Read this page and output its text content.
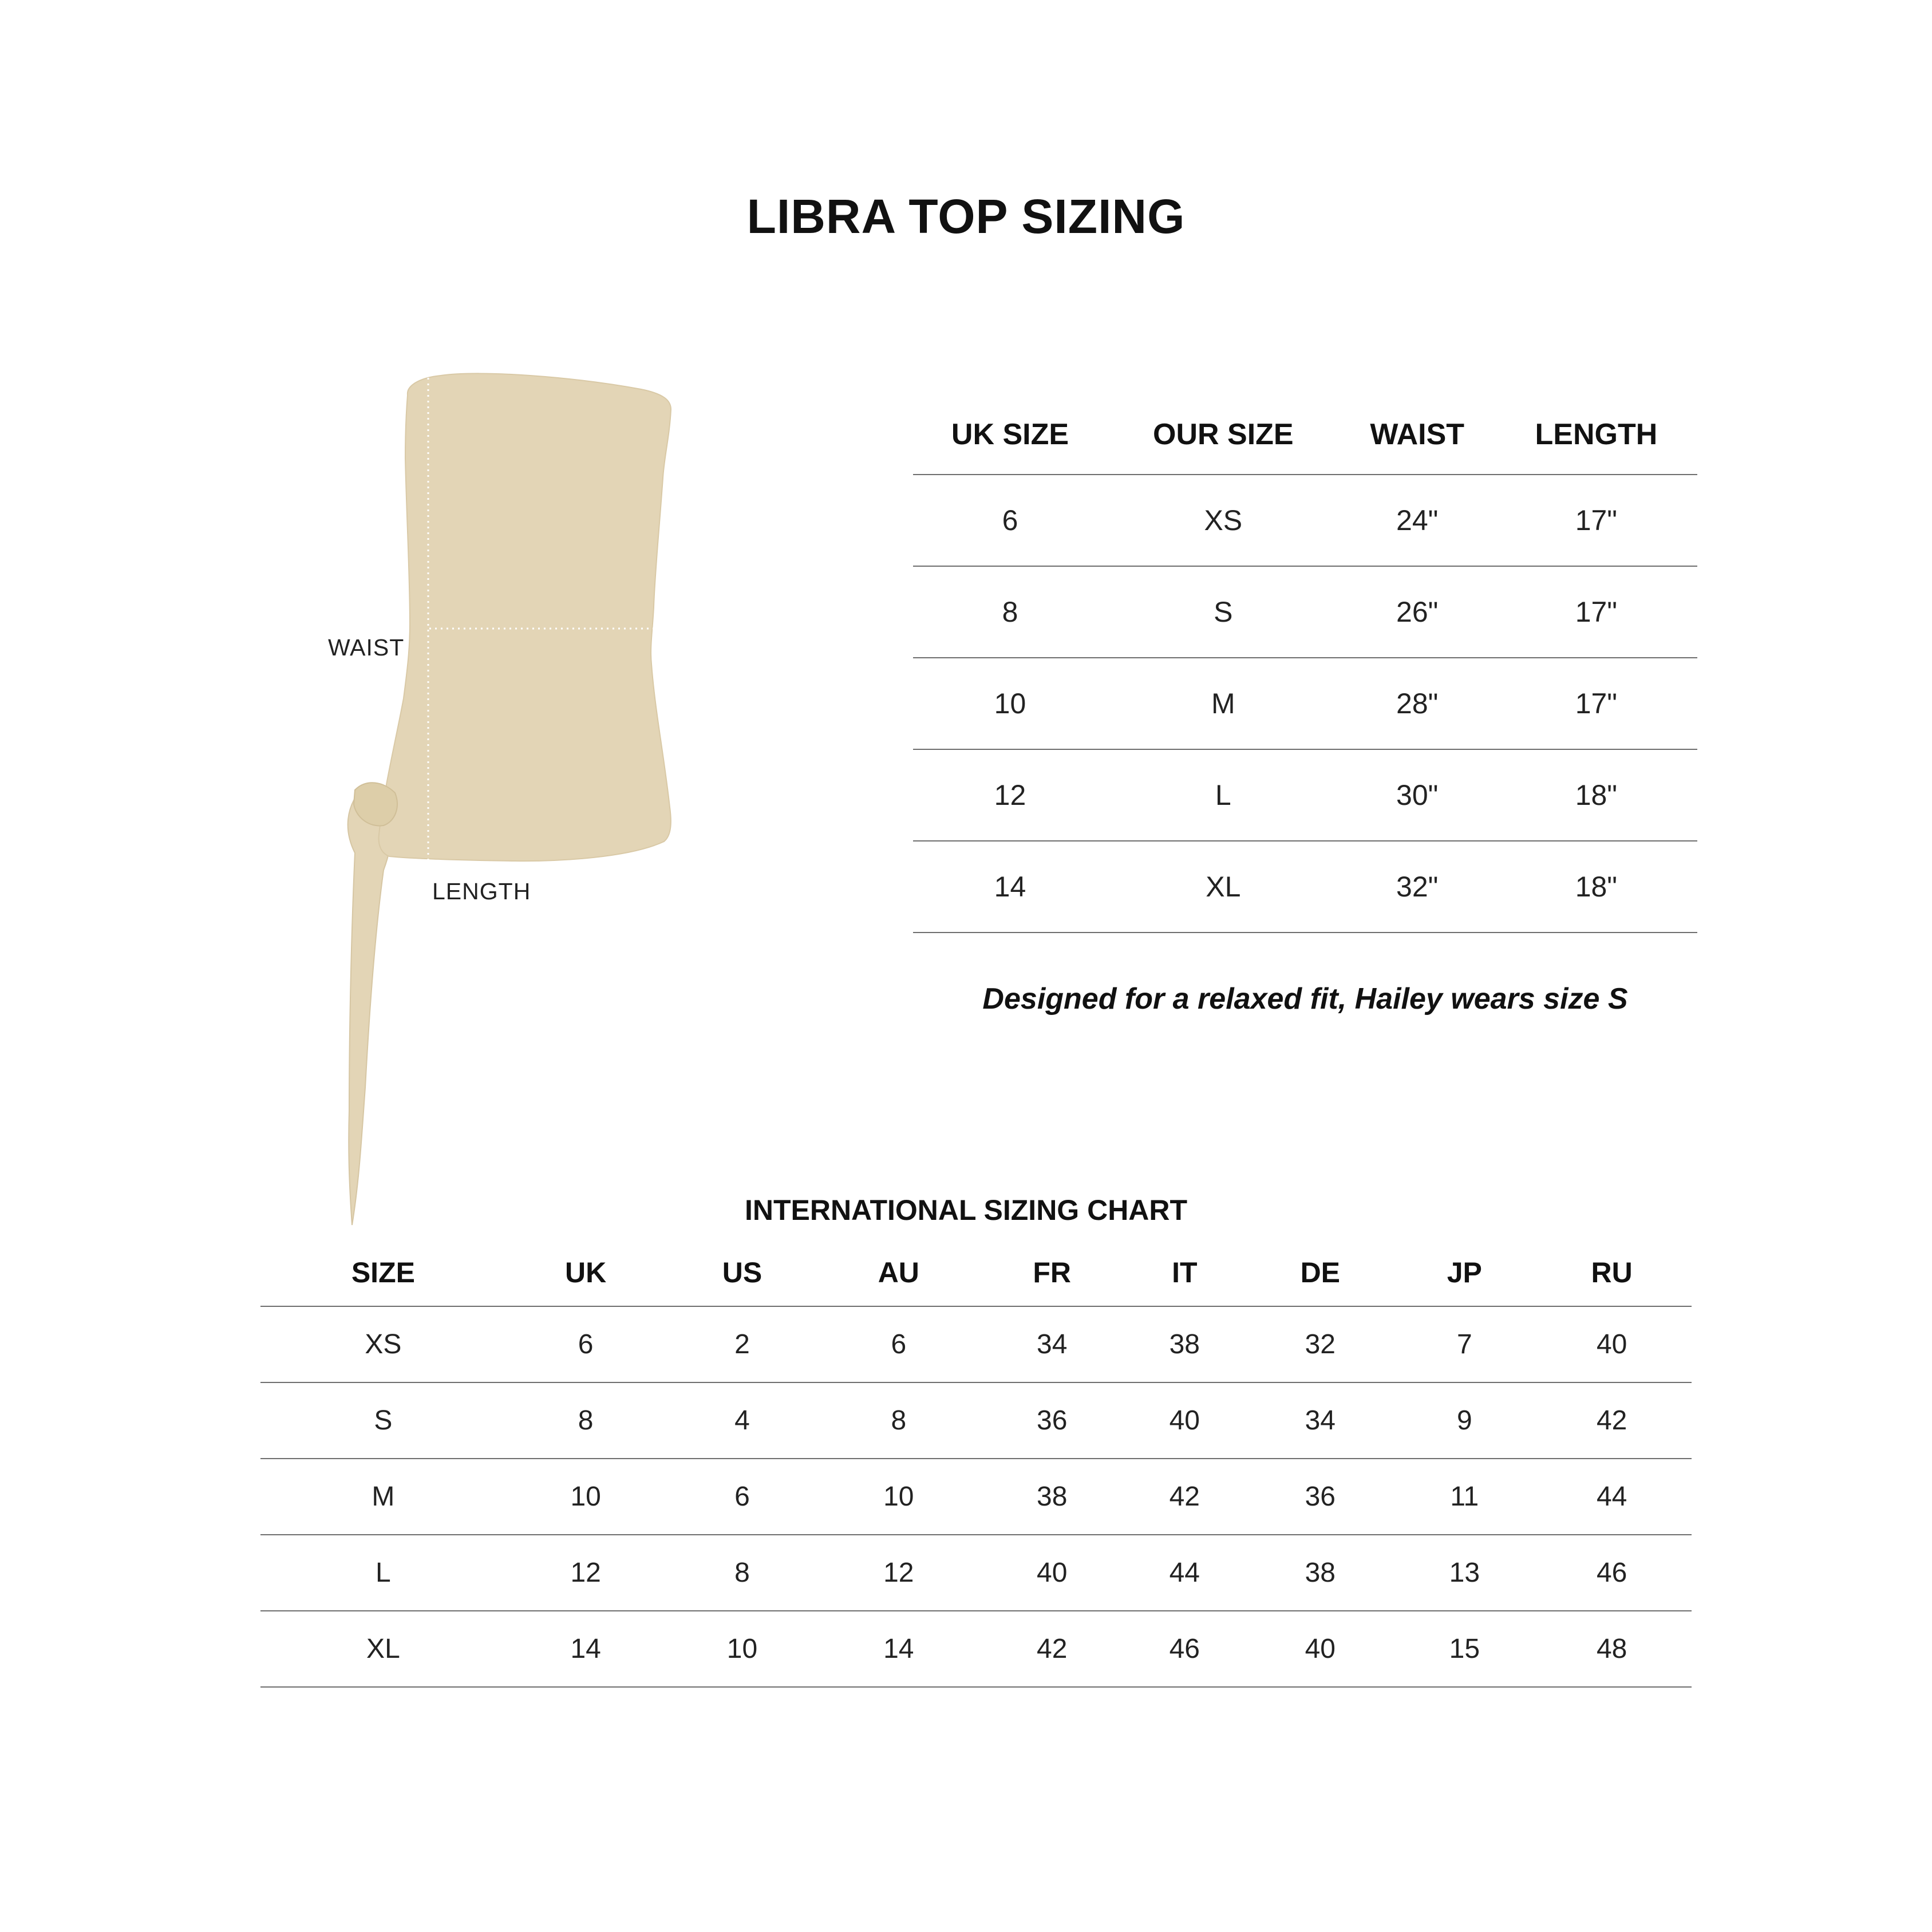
LIBRA TOP SIZING
WAIST
LENGTH
UK SIZE	OUR SIZE	WAIST	LENGTH
6	XS	24"	17"
8	S	26"	17"
10	M	28"	17"
12	L	30"	18"
14	XL	32"	18"
Designed for a relaxed fit, Hailey wears size S
INTERNATIONAL SIZING CHART
SIZE	UK	US	AU	FR	IT	DE	JP	RU
XS	6	2	6	34	38	32	7	40
S	8	4	8	36	40	34	9	42
M	10	6	10	38	42	36	11	44
L	12	8	12	40	44	38	13	46
XL	14	10	14	42	46	40	15	48
